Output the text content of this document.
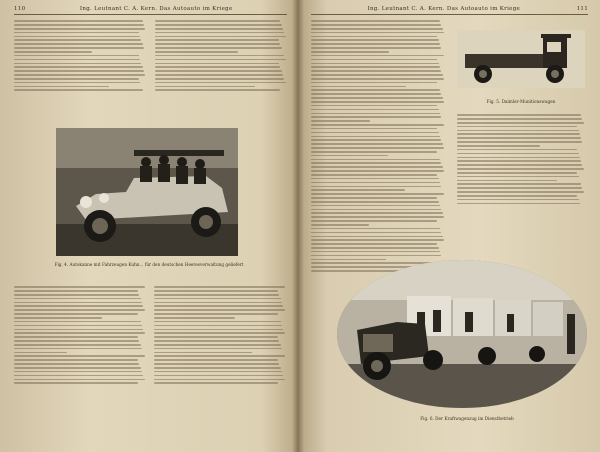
110	Ing. Leutnant C. A. Kern. Das Autoauto im Kriege
Fig. 4. Autokanne mit Fahrzeugen Kuhn... für den deutschen Heeresverwaltung geliefert
Ing. Leutnant C. A. Kern. Das Autoauto im Kriege	111
Fig. 5. Daimler-Munitionswagen
Fig. 6. Der Kraftwagenzug im Dienstbetrieb
